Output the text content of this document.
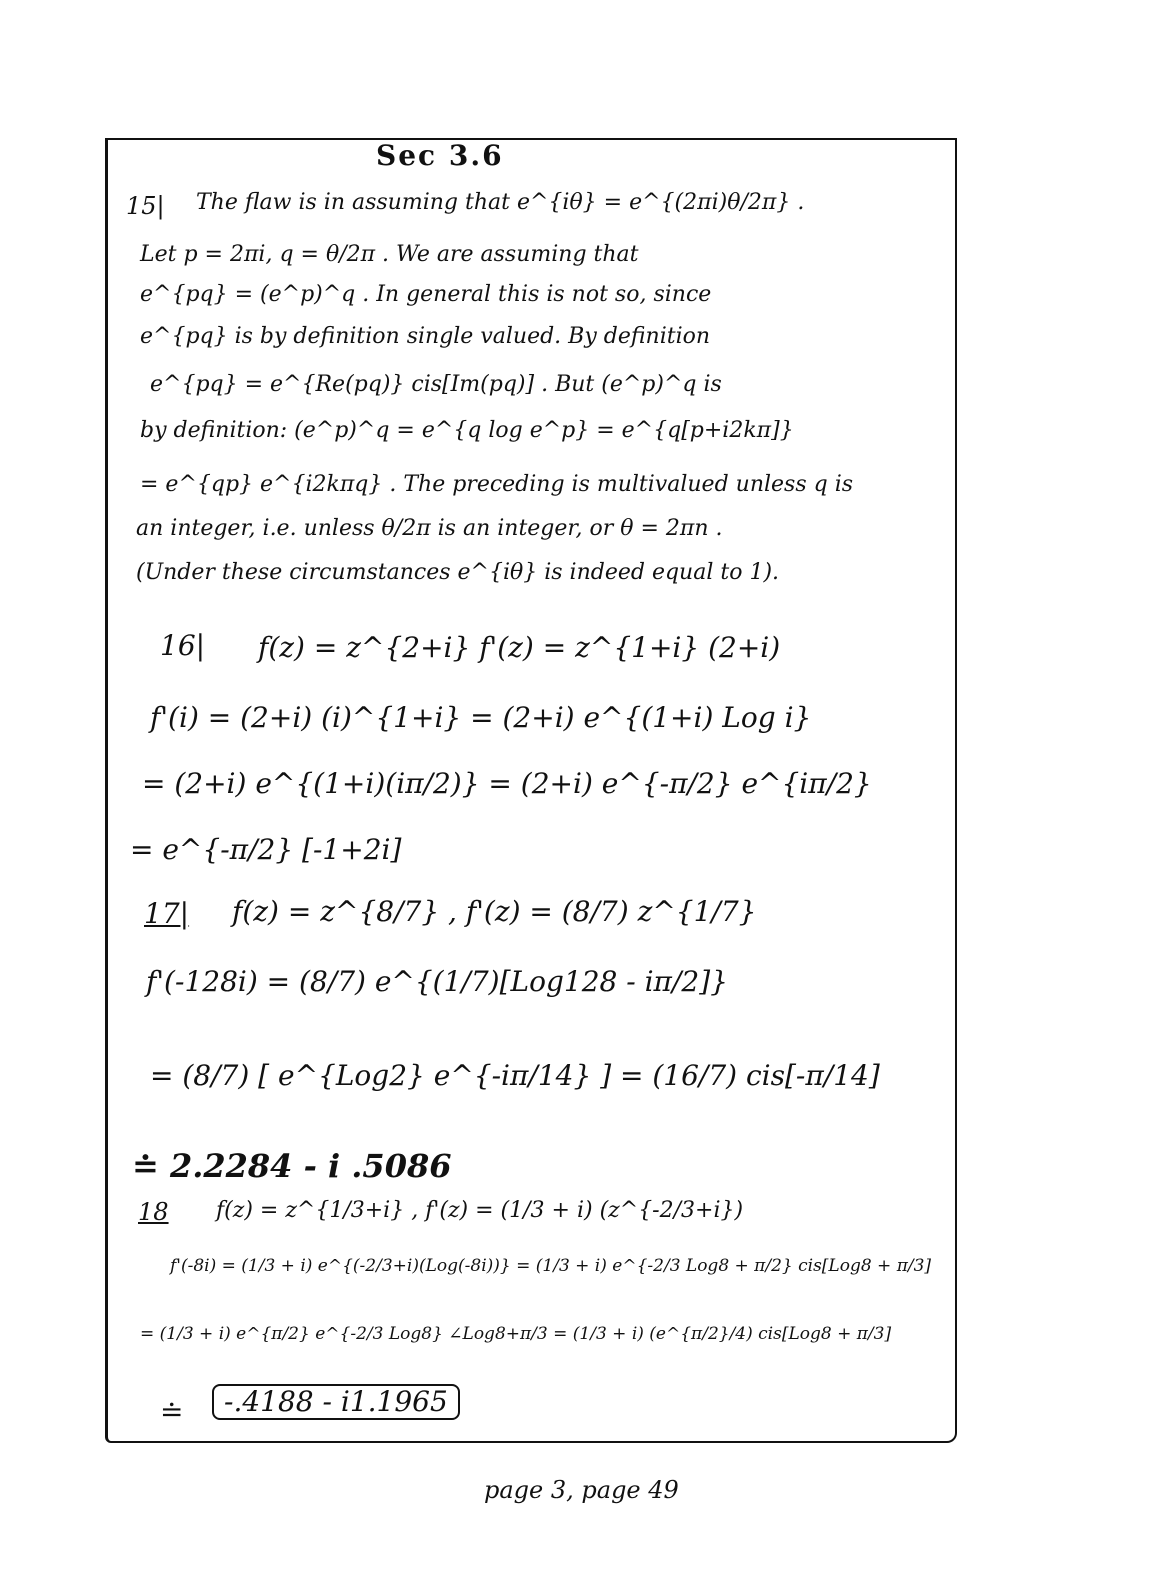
Sec 3.6
15| The flaw is in assuming that e^{iθ} = e^{(2πi)θ/2π} .
Let p = 2πi, q = θ/2π . We are assuming that
e^{pq} = (e^p)^q . In general this is not so, since
e^{pq} is by definition single valued. By definition
e^{pq} = e^{Re(pq)} cis[Im(pq)] . But (e^p)^q is
by definition: (e^p)^q = e^{q log e^p} = e^{q[p+i2kπ]}
= e^{qp} e^{i2kπq} . The preceding is multivalued unless q is
an integer, i.e. unless θ/2π is an integer, or θ = 2πn .
(Under these circumstances e^{iθ} is indeed equal to 1).
16| f(z) = z^{2+i} f'(z) = z^{1+i} (2+i)
f'(i) = (2+i) (i)^{1+i} = (2+i) e^{(1+i) Log i}
= (2+i) e^{(1+i)(iπ/2)} = (2+i) e^{-π/2} e^{iπ/2}
= e^{-π/2} [-1+2i]
17| f(z) = z^{8/7} , f'(z) = (8/7) z^{1/7}
f'(-128i) = (8/7) e^{(1/7)[Log128 - iπ/2]}
= (8/7) [ e^{Log2} e^{-iπ/14} ] = (16/7) cis[-π/14]
≐ 2.2284 - i .5086
18 f(z) = z^{1/3+i} , f'(z) = (1/3 + i) (z^{-2/3+i})
f'(-8i) = (1/3 + i) e^{(-2/3+i)(Log(-8i))} = (1/3 + i) e^{-2/3 Log8 + π/2} cis[Log8 + π/3]
= (1/3 + i) e^{π/2} e^{-2/3 Log8} ∠Log8+π/3 = (1/3 + i) (e^{π/2}/4) cis[Log8 + π/3]
≐	-.4188 - i1.1965
page 3, page 49
